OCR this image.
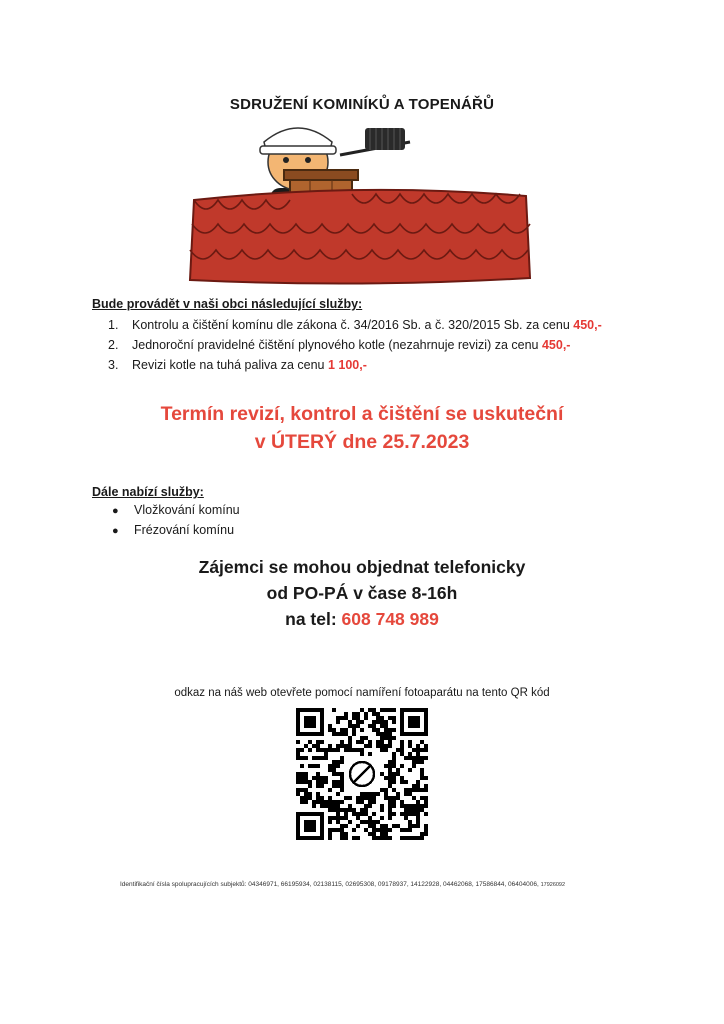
SDRUŽENÍ KOMINÍKŮ A TOPENÁŘŮ
Bude provádět v naši obci následující služby:
1. Kontrolu a čištění komínu dle zákona č. 34/2016 Sb. a č. 320/2015 Sb. za cenu 450,-
2. Jednoroční pravidelné čištění plynového kotle (nezahrnuje revizi) za cenu 450,-
3. Revizi kotle na tuhá paliva za cenu 1 100,-
Termín revizí, kontrol a čištění se uskuteční
v ÚTERÝ dne 25.7.2023
Dále nabízí služby:
● Vložkování komínu
● Frézování komínu
Zájemci se mohou objednat telefonicky
od PO-PÁ v čase 8-16h
na tel: 608 748 989
odkaz na náš web otevřete pomocí namíření fotoaparátu na tento QR kód
Identifikační čísla spolupracujících subjektů: 04346971, 66195934, 02138115, 02695308, 09178937, 14122928, 04462068, 17586844, 06404006, 17926092
